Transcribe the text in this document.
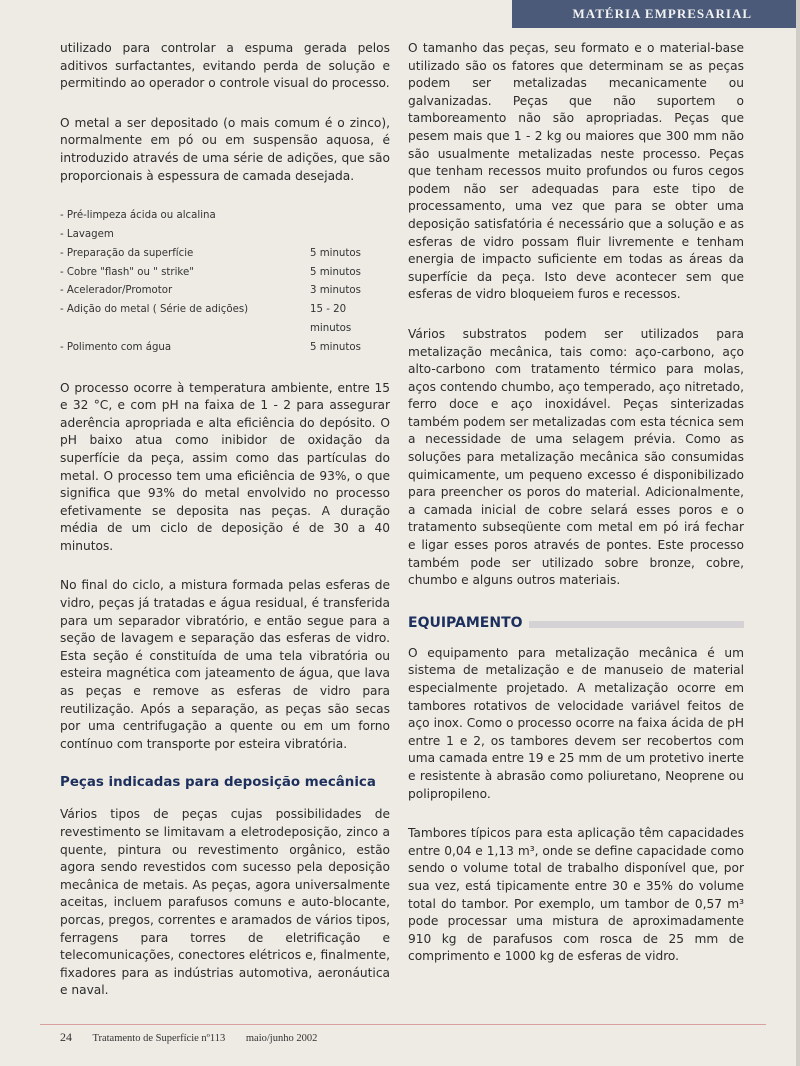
MATÉRIA EMPRESARIAL

utilizado para controlar a espuma gerada pelos aditivos surfactantes, evitando perda de solução e permitindo ao operador o controle visual do processo.

O metal a ser depositado (o mais comum é o zinco), normalmente em pó ou em suspensão aquosa, é introduzido através de uma série de adições, que são proporcionais à espessura de camada desejada.

- Pré-limpeza ácida ou alcalina
- Lavagem
- Preparação da superfície	5 minutos
- Cobre "flash" ou " strike"	5 minutos
- Acelerador/Promotor	3 minutos
- Adição do metal ( Série de adições)	15 - 20 minutos
- Polimento com água	5 minutos

O processo ocorre à temperatura ambiente, entre 15 e 32 °C, e com pH na faixa de 1 - 2 para assegurar aderência apropriada e alta eficiência do depósito. O pH baixo atua como inibidor de oxidação da superfície da peça, assim como das partículas do metal. O processo tem uma eficiência de 93%, o que significa que 93% do metal envolvido no processo efetivamente se deposita nas peças. A duração média de um ciclo de deposição é de 30 a 40 minutos.

No final do ciclo, a mistura formada pelas esferas de vidro, peças já tratadas e água residual, é transferida para um separador vibratório, e então segue para a seção de lavagem e separação das esferas de vidro. Esta seção é constituída de uma tela vibratória ou esteira magnética com jateamento de água, que lava as peças e remove as esferas de vidro para reutilização. Após a separação, as peças são secas por uma centrifugação a quente ou em um forno contínuo com transporte por esteira vibratória.

Peças indicadas para deposição mecânica

Vários tipos de peças cujas possibilidades de revestimento se limitavam a eletrodeposição, zinco a quente, pintura ou revestimento orgânico, estão agora sendo revestidos com sucesso pela deposição mecânica de metais. As peças, agora universalmente aceitas, incluem parafusos comuns e auto-blocante, porcas, pregos, correntes e aramados de vários tipos, ferragens para torres de eletrificação e telecomunicações, conectores elétricos e, finalmente, fixadores para as indústrias automotiva, aeronáutica e naval.

O tamanho das peças, seu formato e o material-base utilizado são os fatores que determinam se as peças podem ser metalizadas mecanicamente ou galvanizadas. Peças que não suportem o tamboreamento não são apropriadas. Peças que pesem mais que 1 - 2 kg ou maiores que 300 mm não são usualmente metalizadas neste processo. Peças que tenham recessos muito profundos ou furos cegos podem não ser adequadas para este tipo de processamento, uma vez que para se obter uma deposição satisfatória é necessário que a solução e as esferas de vidro possam fluir livremente e tenham energia de impacto suficiente em todas as áreas da superfície da peça. Isto deve acontecer sem que esferas de vidro bloqueiem furos e recessos.

Vários substratos podem ser utilizados para metalização mecânica, tais como: aço-carbono, aço alto-carbono com tratamento térmico para molas, aços contendo chumbo, aço temperado, aço nitretado, ferro doce e aço inoxidável. Peças sinterizadas também podem ser metalizadas com esta técnica sem a necessidade de uma selagem prévia. Como as soluções para metalização mecânica são consumidas quimicamente, um pequeno excesso é disponibilizado para preencher os poros do material. Adicionalmente, a camada inicial de cobre selará esses poros e o tratamento subseqüente com metal em pó irá fechar e ligar esses poros através de pontes. Este processo também pode ser utilizado sobre bronze, cobre, chumbo e alguns outros materiais.

EQUIPAMENTO

O equipamento para metalização mecânica é um sistema de metalização e de manuseio de material especialmente projetado. A metalização ocorre em tambores rotativos de velocidade variável feitos de aço inox. Como o processo ocorre na faixa ácida de pH entre 1 e 2, os tambores devem ser recobertos com uma camada entre 19 e 25 mm de um protetivo inerte e resistente à abrasão como poliuretano, Neoprene ou polipropileno.

Tambores típicos para esta aplicação têm capacidades entre 0,04 e 1,13 m³, onde se define capacidade como sendo o volume total de trabalho disponível que, por sua vez, está tipicamente entre 30 e 35% do volume total do tambor. Por exemplo, um tambor de 0,57 m³ pode processar uma mistura de aproximadamente 910 kg de parafusos com rosca de 25 mm de comprimento e 1000 kg de esferas de vidro.

24 Tratamento de Superfície nº113 maio/junho 2002
